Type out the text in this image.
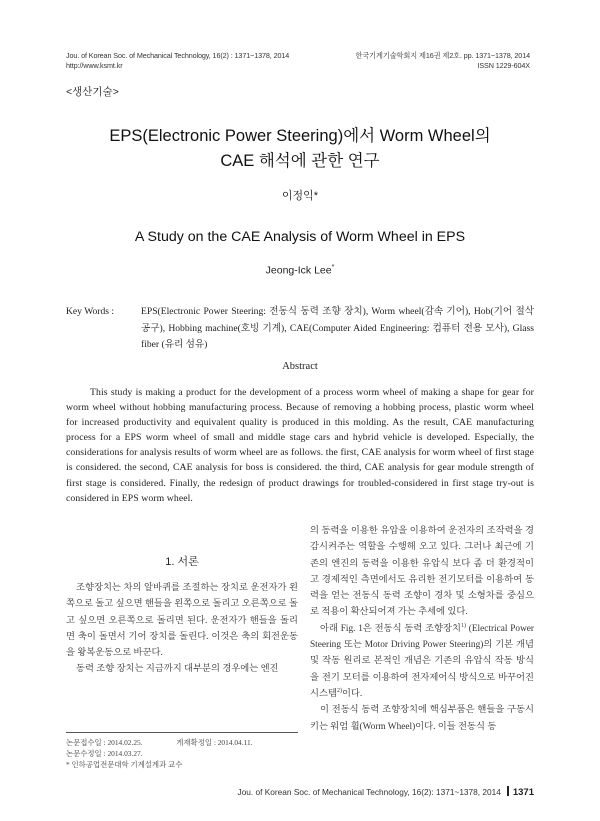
Jou. of Korean Soc. of Mechanical Technology, 16(2) : 1371~1378, 2014
http://www.ksmt.kr
한국기계기술학회지 제16권 제2호. pp. 1371~1378, 2014
ISSN 1229-604X
<생산기술>
EPS(Electronic Power Steering)에서 Worm Wheel의
CAE 해석에 관한 연구
이정익*
A Study on the CAE Analysis of Worm Wheel in EPS
Jeong-Ick Lee*
Key Words :	EPS(Electronic Power Steering: 전동식 동력 조향 장치), Worm wheel(감속 기어), Hob(기어 절삭 공구), Hobbing machine(호빙 기계), CAE(Computer Aided Engineering: 컴퓨터 전용 모사), Glass fiber (유리 섬유)
Abstract
This study is making a product for the development of a process worm wheel of making a shape for gear for worm wheel without hobbing manufacturing process. Because of removing a hobbing process, plastic worm wheel for increased productivity and equivalent quality is produced in this molding. As the result, CAE manufacturing process for a EPS worm wheel of small and middle stage cars and hybrid vehicle is developed. Especially, the considerations for analysis results of worm wheel are as follows. the first, CAE analysis for worm wheel of first stage is considered. the second, CAE analysis for boss is considered. the third, CAE analysis for gear module strength of first stage is considered. Finally, the redesign of product drawings for troubled-considered in first stage try-out is considered in EPS worm wheel.
1. 서론

조향장치는 차의 알바퀴를 조절하는 장치로 운전자가 왼쪽으로 돌고 싶으면 핸들을 왼쪽으로 돌리고 오른쪽으로 돌고 싶으면 오른쪽으로 돌리면 된다. 운전자가 핸들을 돌리면 축이 돌면서 기어 장치를 돌린다. 이것은 축의 회전운동을 왕복운동으로 바꾼다.

동력 조향 장치는 지금까지 대부분의 경우에는 엔진

의 동력을 이용한 유압을 이용하여 운전자의 조작력을 경감시켜주는 역할을 수행해 오고 있다. 그러나 최근에 기존의 엔진의 동력을 이용한 유압식 보다 좀 더 환경적이고 경제적인 측면에서도 유리한 전기모터를 이용하여 동력을 얻는 전동식 동력 조향이 경차 및 소형차를 중심으로 적용이 확산되어져 가는 추세에 있다.

아래 Fig. 1은 전동식 동력 조향장치$^{1)}$ (Electrical Power Steering 또는 Motor Driving Power Steering)의 기본 개념 및 작동 원리로 본적인 개념은 기존의 유압식 작동 방식을 전기 모터를 이용하여 전자제어식 방식으로 바꾸어진 시스템$^{2)}$이다.

이 전동식 동력 조향장치에 핵심부품은 핸들을 구동시키는 워엄 휠(Worm Wheel)이다. 이들 전동식 동

논문접수일 : 2014.02.25.	게재확정일 : 2014.04.11.
논문수정일 : 2014.03.27.
* 인하공업전문대학 기계설계과 교수
Jou. of Korean Soc. of Mechanical Technology, 16(2): 1371~1378, 2014 1371
